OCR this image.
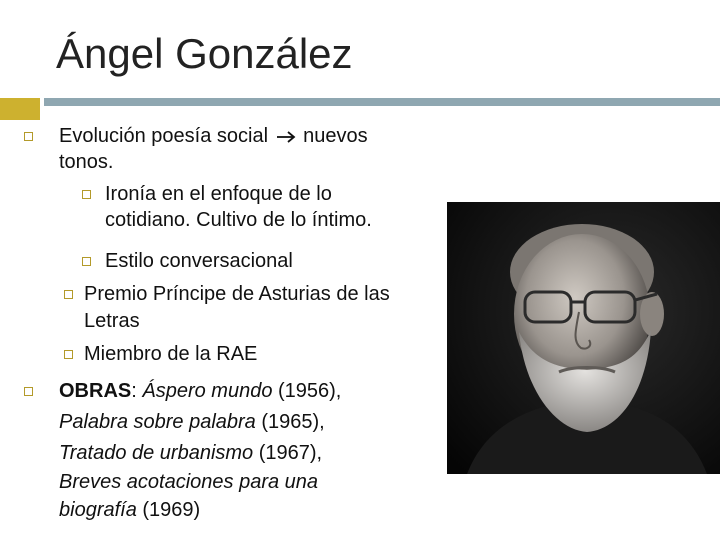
Ángel González
Evolución poesía social nuevos
tonos.
Ironía en el enfoque de lo
cotidiano. Cultivo de lo íntimo.
Estilo conversacional
Premio Príncipe de Asturias de las
Letras
Miembro de la RAE
OBRAS: Áspero mundo (1956),
Palabra sobre palabra (1965),
Tratado de urbanismo (1967),
Breves acotaciones para una
biografía (1969)
